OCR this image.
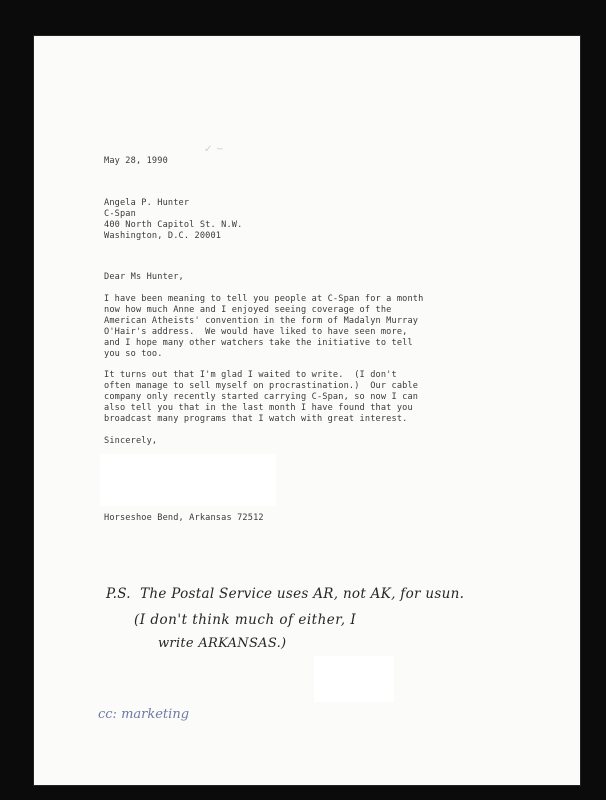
✓ ~
May 28, 1990
Angela P. Hunter
C-Span
400 North Capitol St. N.W.
Washington, D.C. 20001
Dear Ms Hunter,
I have been meaning to tell you people at C-Span for a month
now how much Anne and I enjoyed seeing coverage of the
American Atheists' convention in the form of Madalyn Murray
O'Hair's address.  We would have liked to have seen more,
and I hope many other watchers take the initiative to tell
you so too.
It turns out that I'm glad I waited to write.  (I don't
often manage to sell myself on procrastination.)  Our cable
company only recently started carrying C-Span, so now I can
also tell you that in the last month I have found that you
broadcast many programs that I watch with great interest.
Sincerely,
Horseshoe Bend, Arkansas 72512
P.S.  The Postal Service uses AR, not AK, for usun.
(I don't think much of either, I
write ARKANSAS.)
cc: marketing
